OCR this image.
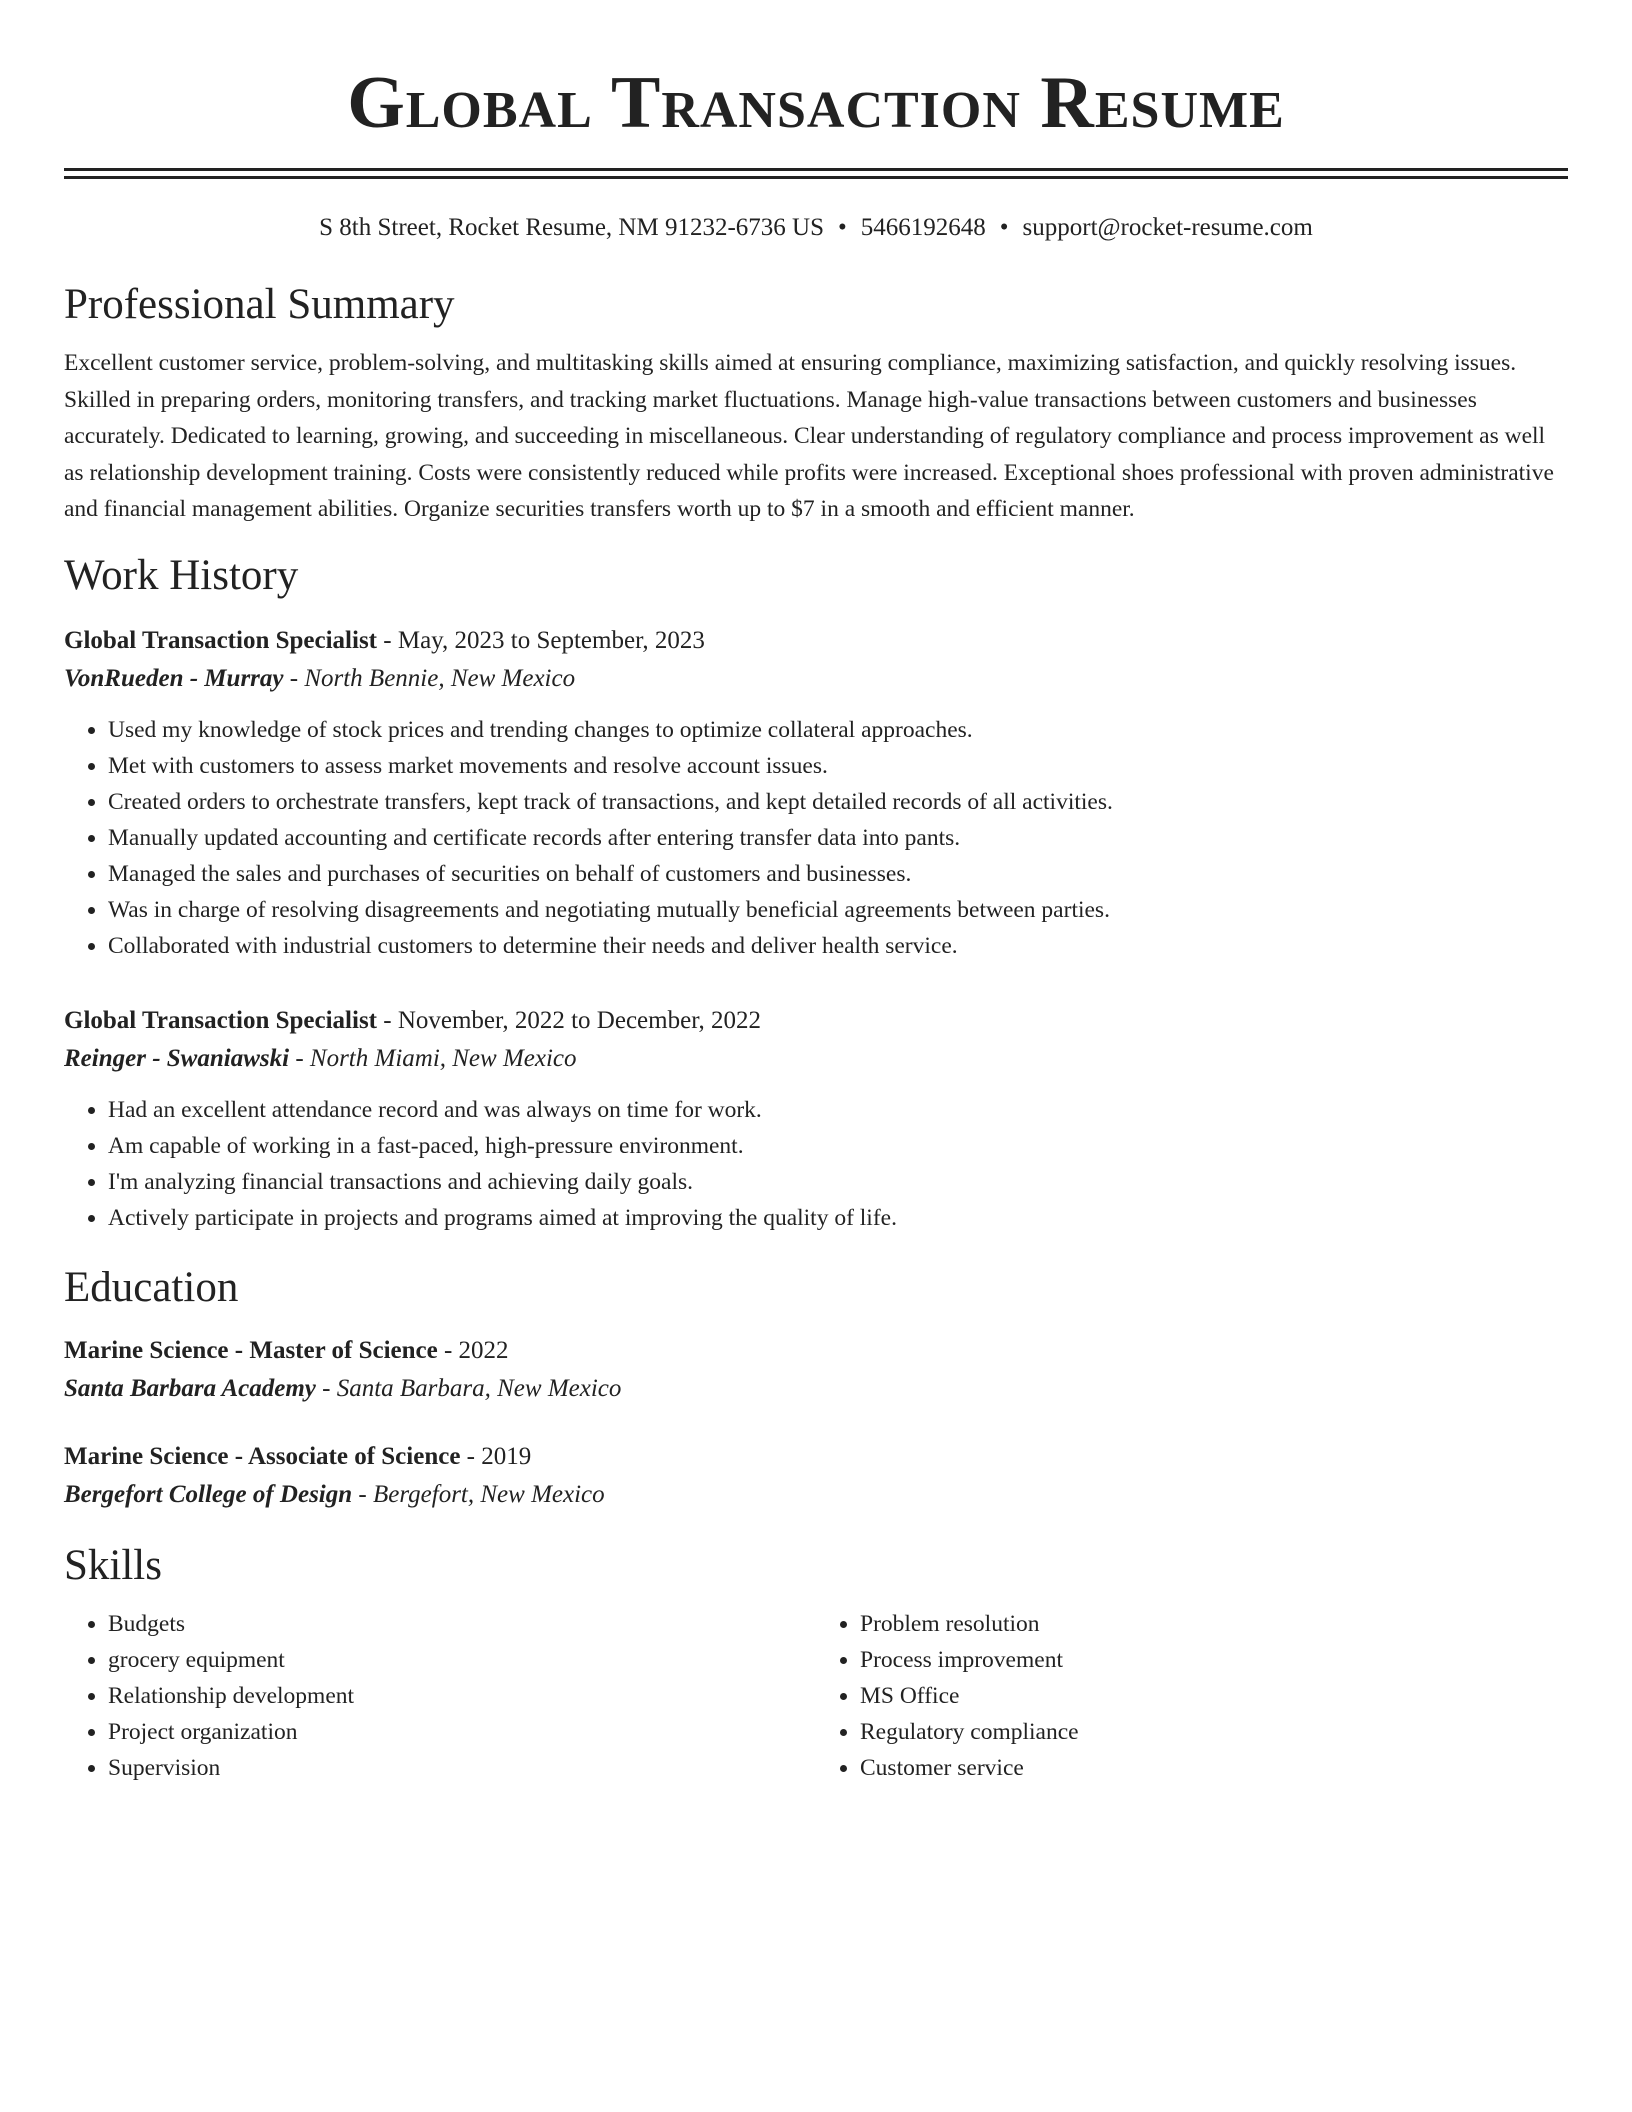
Global Transaction Resume
S 8th Street, Rocket Resume, NM 91232-6736 US • 5466192648 • support@rocket-resume.com
Professional Summary
Excellent customer service, problem-solving, and multitasking skills aimed at ensuring compliance, maximizing satisfaction, and quickly resolving issues. Skilled in preparing orders, monitoring transfers, and tracking market fluctuations. Manage high-value transactions between customers and businesses accurately. Dedicated to learning, growing, and succeeding in miscellaneous. Clear understanding of regulatory compliance and process improvement as well as relationship development training. Costs were consistently reduced while profits were increased. Exceptional shoes professional with proven administrative and financial management abilities. Organize securities transfers worth up to $7 in a smooth and efficient manner.
Work History
Global Transaction Specialist - May, 2023 to September, 2023
VonRueden - Murray - North Bennie, New Mexico
• Used my knowledge of stock prices and trending changes to optimize collateral approaches.
• Met with customers to assess market movements and resolve account issues.
• Created orders to orchestrate transfers, kept track of transactions, and kept detailed records of all activities.
• Manually updated accounting and certificate records after entering transfer data into pants.
• Managed the sales and purchases of securities on behalf of customers and businesses.
• Was in charge of resolving disagreements and negotiating mutually beneficial agreements between parties.
• Collaborated with industrial customers to determine their needs and deliver health service.
Global Transaction Specialist - November, 2022 to December, 2022
Reinger - Swaniawski - North Miami, New Mexico
• Had an excellent attendance record and was always on time for work.
• Am capable of working in a fast-paced, high-pressure environment.
• I'm analyzing financial transactions and achieving daily goals.
• Actively participate in projects and programs aimed at improving the quality of life.
Education
Marine Science - Master of Science - 2022
Santa Barbara Academy - Santa Barbara, New Mexico
Marine Science - Associate of Science - 2019
Bergefort College of Design - Bergefort, New Mexico
Skills
• Budgets
• grocery equipment
• Relationship development
• Project organization
• Supervision
• Problem resolution
• Process improvement
• MS Office
• Regulatory compliance
• Customer service
